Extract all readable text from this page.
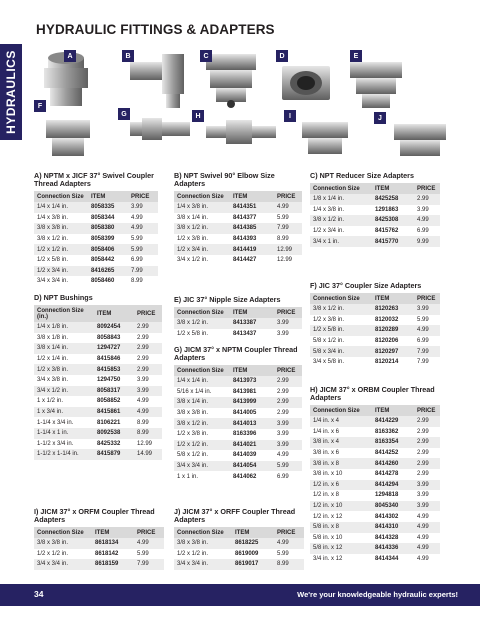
HYDRAULIC FITTINGS & ADAPTERS
HYDRAULICS	A	B	C	D	E
F
G	H	I	J
A) NPTM x JICF 37° Swivel Coupler Thread Adapters
Connection Size	ITEM	PRICE
1/4 x 1/4 in.	8058335	3.99
1/4 x 3/8 in.	8058344	4.99
3/8 x 3/8 in.	8058380	4.99
3/8 x 1/2 in.	8058399	5.99
1/2 x 1/2 in.	8058406	5.99
1/2 x 5/8 in.	8058442	6.99
1/2 x 3/4 in.	8416265	7.99
3/4 x 3/4 in.	8058460	8.99
D) NPT Bushings
Connection Size (in.)	ITEM	PRICE
1/4 x 1/8 in.	8092454	2.99
3/8 x 1/8 in.	8058843	2.99
3/8 x 1/4 in.	1294727	2.99
1/2 x 1/4 in.	8415846	2.99
1/2 x 3/8 in.	8415853	2.99
3/4 x 3/8 in.	1294750	3.99
3/4 x 1/2 in.	8058317	3.99
1 x 1/2 in.	8058852	4.99
1 x 3/4 in.	8415861	4.99
1-1/4 x 3/4 in.	8106221	8.99
1-1/4 x 1 in.	8092538	8.99
1-1/2 x 3/4 in.	8425332	12.99
1-1/2 x 1-1/4 in.	8415879	14.99
I) JICM 37° x ORFM Coupler Thread Adapters
Connection Size	ITEM	PRICE
3/8 x 3/8 in.	8618134	4.99
1/2 x 1/2 in.	8618142	5.99
3/4 x 3/4 in.	8618159	7.99
B) NPT Swivel 90° Elbow Size Adapters
Connection Size	ITEM	PRICE
1/4 x 3/8 in.	8414351	4.99
3/8 x 1/4 in.	8414377	5.99
3/8 x 1/2 in.	8414385	7.99
1/2 x 3/8 in.	8414393	8.99
1/2 x 3/4 in.	8414419	12.99
3/4 x 1/2 in.	8414427	12.99
E) JIC 37° Nipple Size Adapters
Connection Size	ITEM	PRICE
3/8 x 1/2 in.	8413387	3.99
1/2 x 5/8 in.	8413437	3.99
G) JICM 37° x NPTM Coupler Thread Adapters
Connection Size	ITEM	PRICE
1/4 x 1/4 in.	8413973	2.99
5/16 x 1/4 in.	8413981	2.99
3/8 x 1/4 in.	8413999	2.99
3/8 x 3/8 in.	8414005	2.99
3/8 x 1/2 in.	8414013	3.99
1/2 x 3/8 in.	8163396	3.99
1/2 x 1/2 in.	8414021	3.99
5/8 x 1/2 in.	8414039	4.99
3/4 x 3/4 in.	8414054	5.99
1 x 1 in.	8414062	6.99
J) JICM 37° x ORFF Coupler Thread Adapters
Connection Size	ITEM	PRICE
3/8 x 3/8 in.	8618225	4.99
1/2 x 1/2 in.	8619009	5.99
3/4 x 3/4 in.	8619017	8.99
C) NPT Reducer Size Adapters
Connection Size	ITEM	PRICE
1/8 x 1/4 in.	8425258	2.99
1/4 x 3/8 in.	1291863	3.99
3/8 x 1/2 in.	8425308	4.99
1/2 x 3/4 in.	8415762	6.99
3/4 x 1 in.	8415770	9.99
F) JIC 37° Coupler Size Adapters
Connection Size	ITEM	PRICE
3/8 x 1/2 in.	8120263	3.99
1/2 x 3/8 in.	8120032	5.99
1/2 x 5/8 in.	8120289	4.99
5/8 x 1/2 in.	8120206	6.99
5/8 x 3/4 in.	8120297	7.99
3/4 x 5/8 in.	8120214	7.99
H) JICM 37° x ORBM Coupler Thread Adapters
Connection Size	ITEM	PRICE
1/4 in. x 4	8414229	2.99
1/4 in. x 6	8163362	2.99
3/8 in. x 4	8163354	2.99
3/8 in. x 6	8414252	2.99
3/8 in. x 8	8414260	2.99
3/8 in. x 10	8414278	2.99
1/2 in. x 6	8414294	3.99
1/2 in. x 8	1294818	3.99
1/2 in. x 10	8045340	3.99
1/2 in. x 12	8414302	4.99
5/8 in. x 8	8414310	4.99
5/8 in. x 10	8414328	4.99
5/8 in. x 12	8414336	4.99
3/4 in. x 12	8414344	4.99
34	We're your knowledgeable hydraulic experts!
